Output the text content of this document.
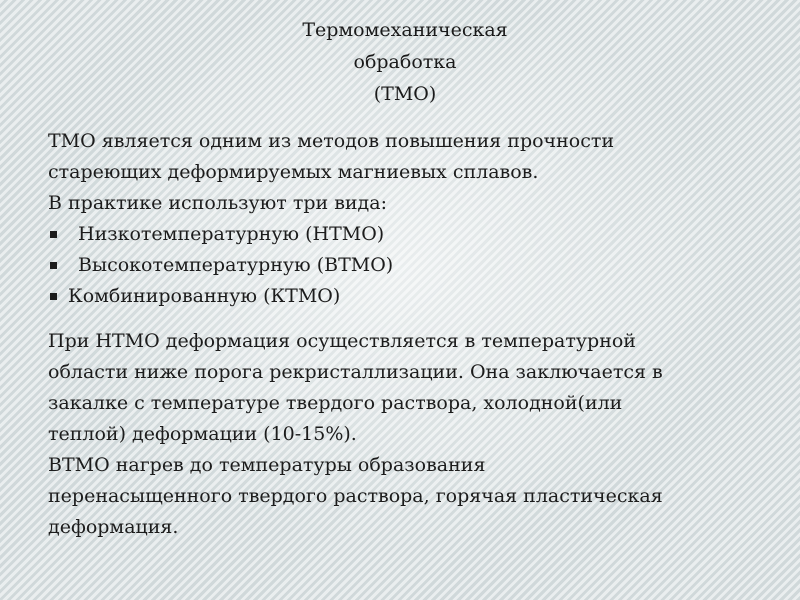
Термомеханическая
обработка
(ТМО)

ТМО является одним из методов повышения прочности

стареющих деформируемых магниевых сплавов.

В практике используют три вида:

Низкотемпературную (НТМО)
Высокотемпературную (ВТМО)
Комбинированную (КТМО)

При НТМО деформация осуществляется в температурной

области ниже порога рекристаллизации. Она заключается в

закалке с температуре твердого раствора, холодной(или

теплой) деформации (10-15%).

ВТМО нагрев до температуры образования

перенасыщенного твердого раствора, горячая пластическая

деформация.
